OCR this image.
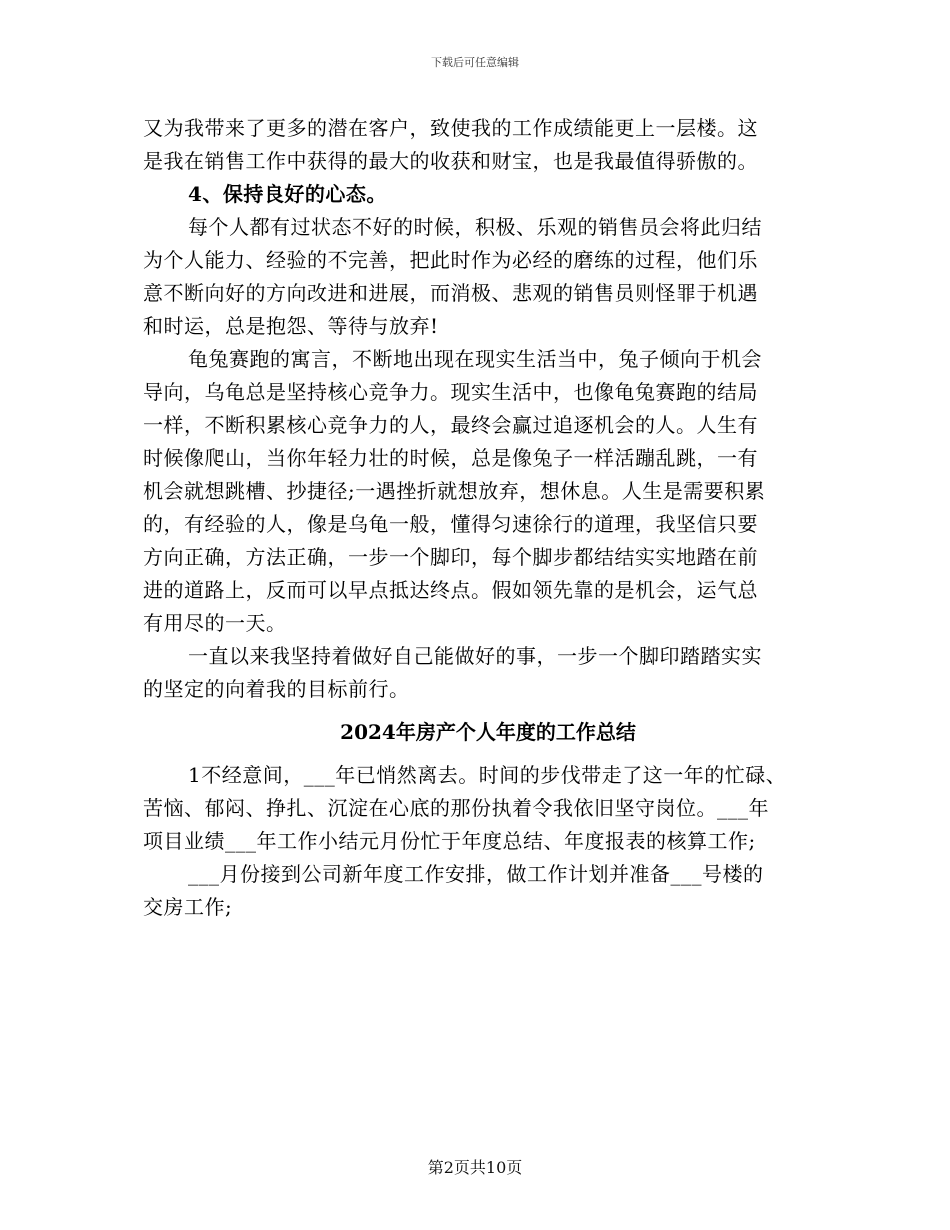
下载后可任意编辑
又为我带来了更多的潜在客户，致使我的工作成绩能更上一层楼。这
是我在销售工作中获得的最大的收获和财宝，也是我最值得骄傲的。
4、保持良好的心态。
每个人都有过状态不好的时候，积极、乐观的销售员会将此归结
为个人能力、经验的不完善，把此时作为必经的磨练的过程，他们乐
意不断向好的方向改进和进展，而消极、悲观的销售员则怪罪于机遇
和时运，总是抱怨、等待与放弃!
龟兔赛跑的寓言，不断地出现在现实生活当中，兔子倾向于机会
导向，乌龟总是坚持核心竞争力。现实生活中，也像龟兔赛跑的结局
一样，不断积累核心竞争力的人，最终会赢过追逐机会的人。人生有
时候像爬山，当你年轻力壮的时候，总是像兔子一样活蹦乱跳，一有
机会就想跳槽、抄捷径;一遇挫折就想放弃，想休息。人生是需要积累
的，有经验的人，像是乌龟一般，懂得匀速徐行的道理，我坚信只要
方向正确，方法正确，一步一个脚印，每个脚步都结结实实地踏在前
进的道路上，反而可以早点抵达终点。假如领先靠的是机会，运气总
有用尽的一天。
一直以来我坚持着做好自己能做好的事，一步一个脚印踏踏实实
的坚定的向着我的目标前行。
2024年房产个人年度的工作总结
1不经意间，___年已悄然离去。时间的步伐带走了这一年的忙碌、
苦恼、郁闷、挣扎、沉淀在心底的那份执着令我依旧坚守岗位。___年
项目业绩___年工作小结元月份忙于年度总结、年度报表的核算工作;
___月份接到公司新年度工作安排，做工作计划并准备___号楼的
交房工作;
第2页共10页
